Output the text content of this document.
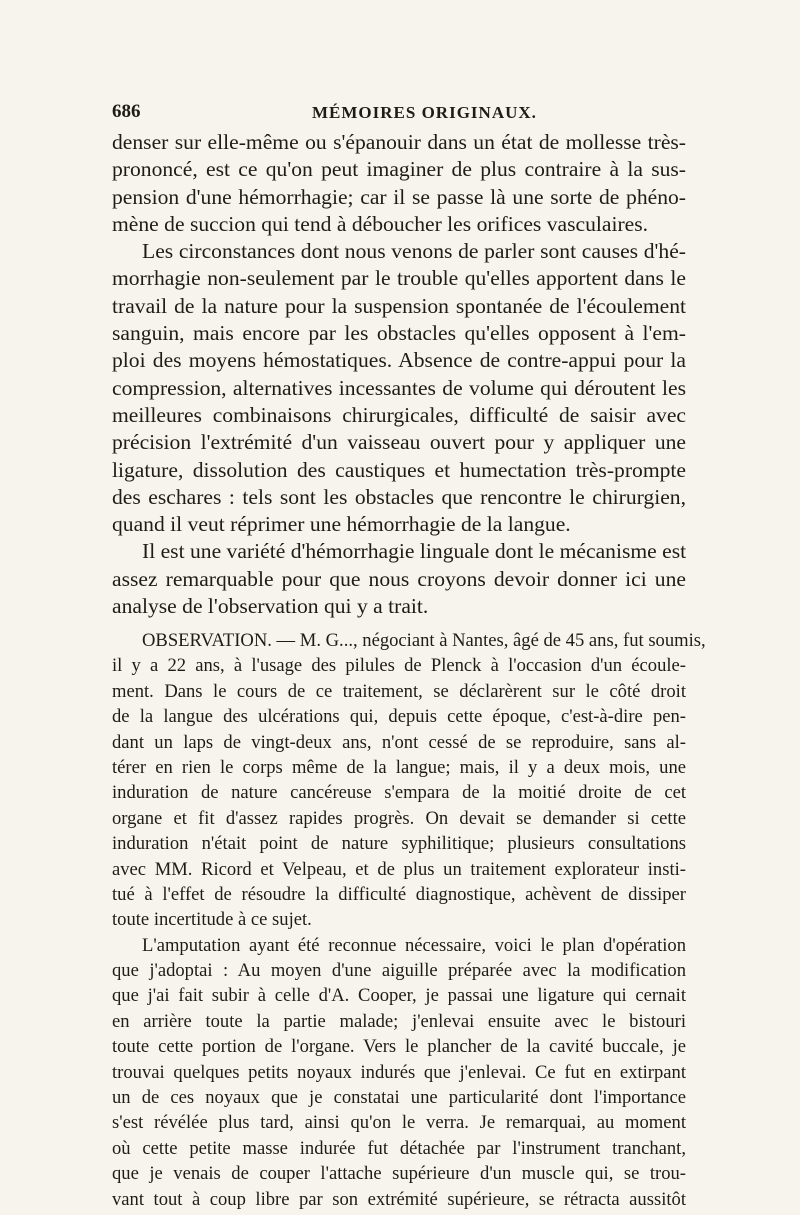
686	MÉMOIRES ORIGINAUX.

denser sur elle-même ou s'épanouir dans un état de mollesse très-

prononcé, est ce qu'on peut imaginer de plus contraire à la sus-

pension d'une hémorrhagie; car il se passe là une sorte de phéno-

mène de succion qui tend à déboucher les orifices vasculaires.

Les circonstances dont nous venons de parler sont causes d'hé-

morrhagie non-seulement par le trouble qu'elles apportent dans le

travail de la nature pour la suspension spontanée de l'écoulement

sanguin, mais encore par les obstacles qu'elles opposent à l'em-

ploi des moyens hémostatiques. Absence de contre-appui pour la

compression, alternatives incessantes de volume qui déroutent les

meilleures combinaisons chirurgicales, difficulté de saisir avec

précision l'extrémité d'un vaisseau ouvert pour y appliquer une

ligature, dissolution des caustiques et humectation très-prompte

des eschares : tels sont les obstacles que rencontre le chirurgien,

quand il veut réprimer une hémorrhagie de la langue.

Il est une variété d'hémorrhagie linguale dont le mécanisme est

assez remarquable pour que nous croyons devoir donner ici une

analyse de l'observation qui y a trait.

OBSERVATION. — M. G..., négociant à Nantes, âgé de 45 ans, fut soumis,

il y a 22 ans, à l'usage des pilules de Plenck à l'occasion d'un écoule-

ment. Dans le cours de ce traitement, se déclarèrent sur le côté droit

de la langue des ulcérations qui, depuis cette époque, c'est-à-dire pen-

dant un laps de vingt-deux ans, n'ont cessé de se reproduire, sans al-

térer en rien le corps même de la langue; mais, il y a deux mois, une

induration de nature cancéreuse s'empara de la moitié droite de cet

organe et fit d'assez rapides progrès. On devait se demander si cette

induration n'était point de nature syphilitique; plusieurs consultations

avec MM. Ricord et Velpeau, et de plus un traitement explorateur insti-

tué à l'effet de résoudre la difficulté diagnostique, achèvent de dissiper

toute incertitude à ce sujet.

L'amputation ayant été reconnue nécessaire, voici le plan d'opération

que j'adoptai : Au moyen d'une aiguille préparée avec la modification

que j'ai fait subir à celle d'A. Cooper, je passai une ligature qui cernait

en arrière toute la partie malade; j'enlevai ensuite avec le bistouri

toute cette portion de l'organe. Vers le plancher de la cavité buccale, je

trouvai quelques petits noyaux indurés que j'enlevai. Ce fut en extirpant

un de ces noyaux que je constatai une particularité dont l'importance

s'est révélée plus tard, ainsi qu'on le verra. Je remarquai, au moment

où cette petite masse indurée fut détachée par l'instrument tranchant,

que je venais de couper l'attache supérieure d'un muscle qui, se trou-

vant tout à coup libre par son extrémité supérieure, se rétracta aussitôt
